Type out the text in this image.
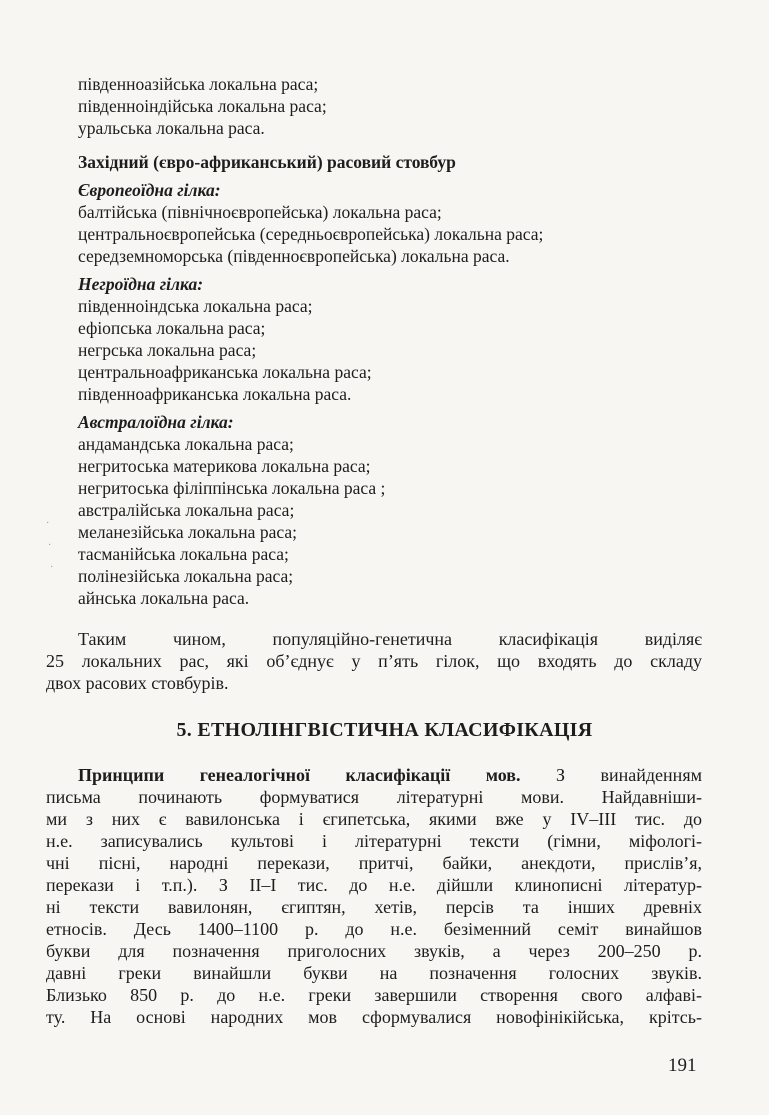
південноазійська локальна раса;
південноіндійська локальна раса;
уральська локальна раса.
Західний (євро-африканський) расовий стовбур
Європеоїдна гілка:
балтійська (північноєвропейська) локальна раса;
центральноєвропейська (середньоєвропейська) локальна раса;
середземноморська (південноєвропейська) локальна раса.
Негроїдна гілка:
південноіндська локальна раса;
ефіопська локальна раса;
негрська локальна раса;
центральноафриканська локальна раса;
південноафриканська локальна раса.
Австралоїдна гілка:
андамандська локальна раса;
негритоська материкова локальна раса;
негритоська філіппінська локальна раса ;
австралійська локальна раса;
меланезійська локальна раса;
тасманійська локальна раса;
полінезійська локальна раса;
айнська локальна раса.
·
·
·
Таким чином, популяційно-генетична класифікація виділяє
25 локальних рас, які об’єднує у п’ять гілок, що входять до складу
двох расових стовбурів.
5. ЕТНОЛІНГВІСТИЧНА КЛАСИФІКАЦІЯ
Принципи генеалогічної класифікації мов. З винайденням
письма починають формуватися літературні мови. Найдавніши-
ми з них є вавилонська і єгипетська, якими вже у IV–III тис. до
н.е. записувались культові і літературні тексти (гімни, міфологі-
чні пісні, народні перекази, притчі, байки, анекдоти, прислів’я,
перекази і т.п.). З II–I тис. до н.е. дійшли клинописні літератур-
ні тексти вавилонян, єгиптян, хетів, персів та інших древніх
етносів. Десь 1400–1100 р. до н.е. безіменний семіт винайшов
букви для позначення приголосних звуків, а через 200–250 р.
давні греки винайшли букви на позначення голосних звуків.
Близько 850 р. до н.е. греки завершили створення свого алфаві-
ту. На основі народних мов сформувалися новофінікійська, крітсь-
191
